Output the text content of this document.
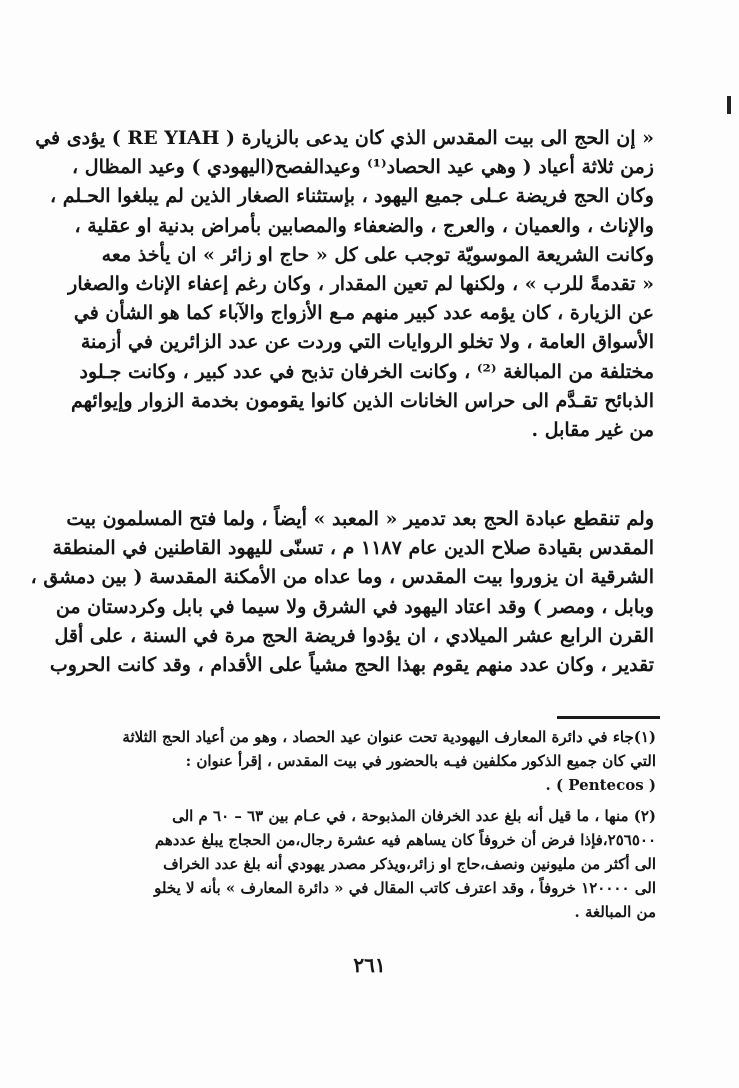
« إن الحج الى بيت المقدس الذي كان يدعى بالزيارة ( RE YIAH ) يؤدى في
زمن ثلاثة أعياد ( وهي عيد الحصاد⁽¹⁾ وعيدالفصح(اليهودي ) وعيد المظال ،
وكان الحج فريضة عـلى جميع اليهود ، بإستثناء الصغار الذين لم يبلغوا الحـلم ،
والإناث ، والعميان ، والعرج ، والضعفاء والمصابين بأمراض بدنية او عقلية ،
وكانت الشريعة الموسويّة توجب على كل « حاج او زائر » ان يأخذ معه
« تقدمةً للرب » ، ولكنها لم تعين المقدار ، وكان رغم إعفاء الإناث والصغار
عن الزيارة ، كان يؤمه عدد كبير منهم مـع الأزواج والآباء كما هو الشأن في
الأسواق العامة ، ولا تخلو الروايات التي وردت عن عدد الزائرين في أزمنة
مختلفة من المبالغة ⁽²⁾ ، وكانت الخرفان تذبح في عدد كبير ، وكانت جـلود
الذبائح تقـدَّم الى حراس الخانات الذين كانوا يقومون بخدمة الزوار وإيوائهم
من غير مقابل .
ولم تنقطع عبادة الحج بعد تدمير « المعبد » أيضاً ، ولما فتح المسلمون بيت
المقدس بقيادة صلاح الدين عام ١١٨٧ م ، تسنّى لليهود القاطنين في المنطقة
الشرقية ان يزوروا بيت المقدس ، وما عداه من الأمكنة المقدسة ( بين دمشق ،
وبابل ، ومصر ) وقد اعتاد اليهود في الشرق ولا سيما في بابل وكردستان من
القرن الرابع عشر الميلادي ، ان يؤدوا فريضة الحج مرة في السنة ، على أقل
تقدير ، وكان عدد منهم يقوم بهذا الحج مشياً على الأقدام ، وقد كانت الحروب
(١)جاء في دائرة المعارف اليهودية تحت عنوان عيد الحصاد ، وهو من أعياد الحج الثلاثة
التي كان جميع الذكور مكلفين فيـه بالحضور في بيت المقدس ، إقرأ عنوان :
( Pentecos ) .
(٢) منها ، ما قيل أنه بلغ عدد الخرفان المذبوحة ، في عـام بين ٦٣ – ٦٠ م الى
٢٥٦٥٠٠،فإذا فرض أن خروفاً كان يساهم فيه عشرة رجال،من الحجاج يبلغ عددهم
الى أكثر من مليونين ونصف،حاج او زائر،ويذكر مصدر يهودي أنه بلغ عدد الخراف
الى ١٢٠٠٠٠ خروفاً ، وقد اعترف كاتب المقال في « دائرة المعارف » بأنه لا يخلو
من المبالغة .
٢٦١
